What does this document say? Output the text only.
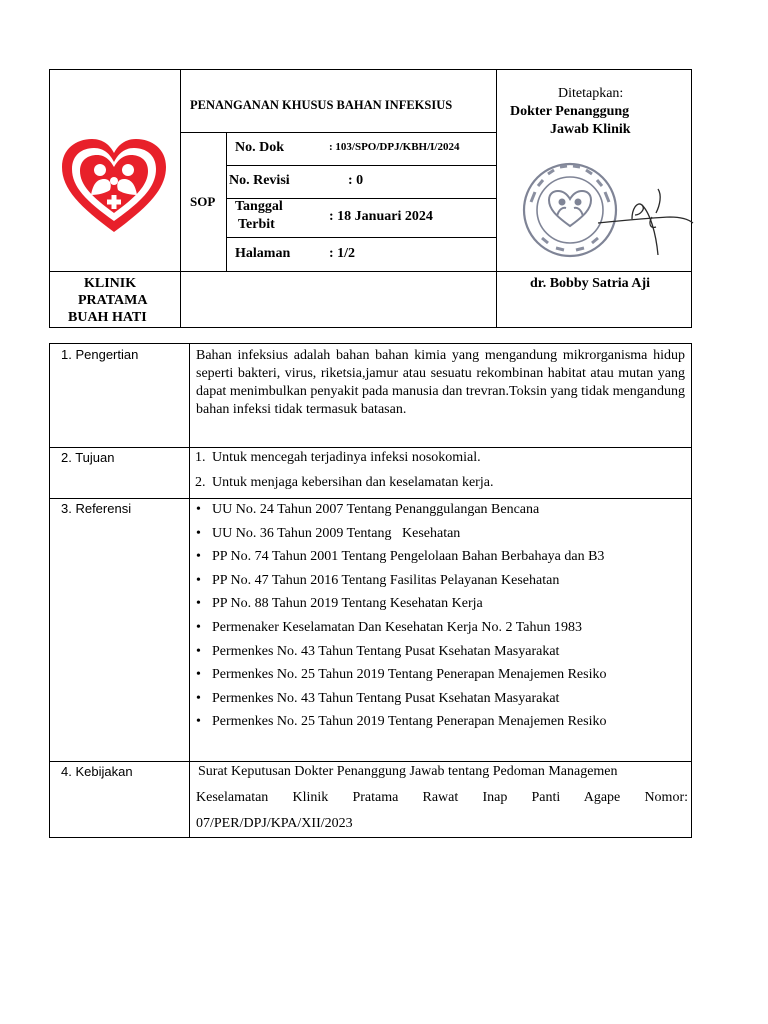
KLINIK
PRATAMA
BUAH HATI
PENANGANAN KHUSUS BAHAN INFEKSIUS
SOP
No. Dok	: 103/SPO/DPJ/KBH/I/2024
No. Revisi	: 0
Tanggal
Terbit
: 18 Januari 2024
Halaman	: 1/2
Ditetapkan:
Dokter Penanggung
Jawab Klinik
dr. Bobby Satria Aji
1. Pengertian	Bahan infeksius adalah bahan bahan kimia yang mengandung mikrorganisma hidup seperti bakteri, virus, riketsia,jamur atau sesuatu rekombinan habitat atau mutan yang dapat menimbulkan penyakit pada manusia dan trevran.Toksin yang tidak mengandung bahan infeksi tidak termasuk batasan.
2. Tujuan	1. Untuk mencegah terjadinya infeksi nosokomial.
2. Untuk menjaga kebersihan dan keselamatan kerja.
3. Referensi	• UU No. 24 Tahun 2007 Tentang Penanggulangan Bencana
• UU No. 36 Tahun 2009 Tentang   Kesehatan
• PP No. 74 Tahun 2001 Tentang Pengelolaan Bahan Berbahaya dan B3
• PP No. 47 Tahun 2016 Tentang Fasilitas Pelayanan Kesehatan
• PP No. 88 Tahun 2019 Tentang Kesehatan Kerja
• Permenaker Keselamatan Dan Kesehatan Kerja No. 2 Tahun 1983
• Permenkes No. 43 Tahun Tentang Pusat Ksehatan Masyarakat
• Permenkes No. 25 Tahun 2019 Tentang Penerapan Menajemen Resiko
• Permenkes No. 43 Tahun Tentang Pusat Ksehatan Masyarakat
• Permenkes No. 25 Tahun 2019 Tentang Penerapan Menajemen Resiko
4. Kebijakan	Surat Keputusan Dokter Penanggung Jawab tentang Pedoman Managemen
Keselamatan Klinik Pratama Rawat Inap Panti Agape Nomor:
07/PER/DPJ/KPA/XII/2023
